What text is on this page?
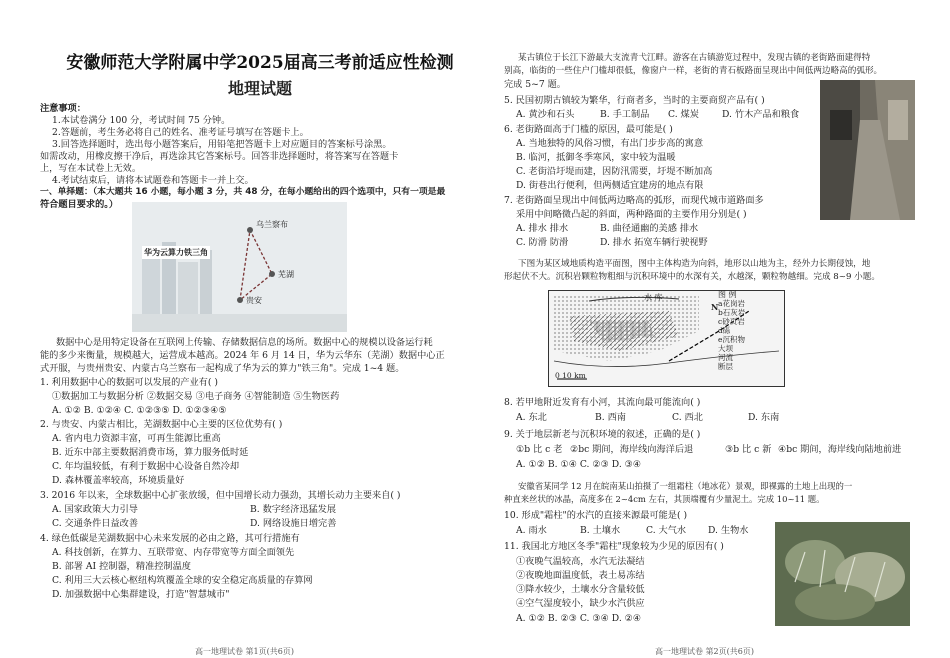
安徽师范大学附属中学2025届高三考前适应性检测
地理试题
注意事项：
1.本试卷满分 100 分，考试时间 75 分钟。
2.答题前，考生务必将自己的姓名、准考证号填写在答题卡上。
3.回答选择题时，选出每小题答案后，用铅笔把答题卡上对应题目的答案标号涂黑。
如需改动，用橡皮擦干净后，再选涂其它答案标号。回答非选择题时，将答案写在答题卡
上，写在本试卷上无效。
4.考试结束后，请将本试题卷和答题卡一并上交。
一、单择题：（本大题共 16 小题，每小题 3 分，共 48 分，在每小题给出的四个选项中，只有一项是最
符合题目要求的。）
华为云算力铁三角
乌兰察布
芜湖
贵安
数据中心是用特定设备在互联网上传输、存储数据信息的场所。数据中心的规模以设备运行耗
能的多少来衡量，规模越大，运营成本越高。2024 年 6 月 14 日，华为云华东（芜湖）数据中心正
式开服，与贵州贵安、内蒙古乌兰察布一起构成了华为云的算力"铁三角"。完成 1~4 题。
1. 利用数据中心的数据可以发展的产业有( )
①数据加工与数据分析 ②数据交易 ③电子商务 ④智能制造 ⑤生物医药
A. ①② B. ①②④ C. ①②③⑤ D. ①②③④⑤
2. 与贵安、内蒙古相比，芜湖数据中心主要的区位优势有( )
A. 省内电力资源丰富，可再生能源比重高
B. 近东中部主要数据消费市场，算力服务低时延
C. 年均温较低，有利于数据中心设备自然冷却
D. 森林覆盖率较高，环境质量好
3. 2016 年以来，全球数据中心扩张放缓，但中国增长动力强劲，其增长动力主要来自( )
A. 国家政策大力引导	B. 数字经济迅猛发展
C. 交通条件日益改善	D. 网络设施日增完善
4. 绿色低碳是芜湖数据中心未来发展的必由之路，其可行措施有
A. 科技创新，在算力、互联带宽、内存带宽等方面全面领先
B. 部署 AI 控制器，精准控制温度
C. 利用三大云核心枢纽构筑覆盖全球的安全稳定高质量的存算网
D. 加强数据中心集群建设，打造"智慧城市"
某古镇位于长江下游最大支流青弋江畔。游客在古镇游览过程中，发现古镇的老街路面建得特
别高，临街的一些住户门槛却很低，像窗户一样，老街的青石板路面呈现出中间低两边略高的弧形。
完成 5~7 题。
5. 民国初期古镇较为繁华，行商者多，当时的主要商贸产品有( )
A. 黄沙和石头	B. 手工制品 C. 煤炭	D. 竹木产品和粮食
6. 老街路面高于门槛的原因，最可能是( )
A. 当地独特的风俗习惯，有出门步步高的寓意
B. 临河，抵御冬季寒风，家中较为温暖
C. 老街沿圩堤而建，因防汛需要，圩堤不断加高
D. 街巷出行便利，但两侧适宜建房的地点有限
7. 老街路面呈现出中间低两边略高的弧形，而现代城市道路面多
采用中间略微凸起的斜面，两种路面的主要作用分别是( )
A. 排水 排水	B. 曲径通幽的美感 排水
C. 防滑 防滑	D. 排水 拓宽车辆行驶视野
下图为某区域地质构造平面图，图中主体构造为向斜，地形以山地为主，经外力长期侵蚀，地
形起伏不大。沉积岩颗粒物粗细与沉积环境中的水深有关，水越深，颗粒物越细。完成 8~9 小题。
水 库
0 10 km
N
图 例
a花岗岩
b石灰岩
c砂页岩
d砾
e沉积物
大坝
河流
断层
8. 若甲地附近发育有小河，其流向最可能流向( )
A. 东北	B. 西南	C. 西北	D. 东南
9. 关于地层新老与沉积环境的叙述，正确的是( )
①b 比 c 老 ②bc 期间，海岸线向海洋后退	③b 比 c 新 ④bc 期间，海岸线向陆地前进
A. ①② B. ①④ C. ②③ D. ③④
安徽省某同学 12 月在皖南某山拍摄了一组霜柱（地冰花）景观，即裸露的土地上出现的一
种直来丝状的冰晶，高度多在 2~4cm 左右，其顶端覆有少量泥土。完成 10~11 题。
10. 形成"霜柱"的水汽的直接来源最可能是( )
A. 雨水	B. 土壤水	C. 大气水 D. 生物水
11. 我国北方地区冬季"霜柱"现象较为少见的原因有( )
①夜晚气温较高，水汽无法凝结
②夜晚地面温度低，表土易冻结
③降水较少，土壤水分含量较低
④空气湿度较小，缺少水汽供应
A. ①② B. ②③ C. ③④ D. ②④
高一地理试卷 第1页(共6页)	高一地理试卷 第2页(共6页)
